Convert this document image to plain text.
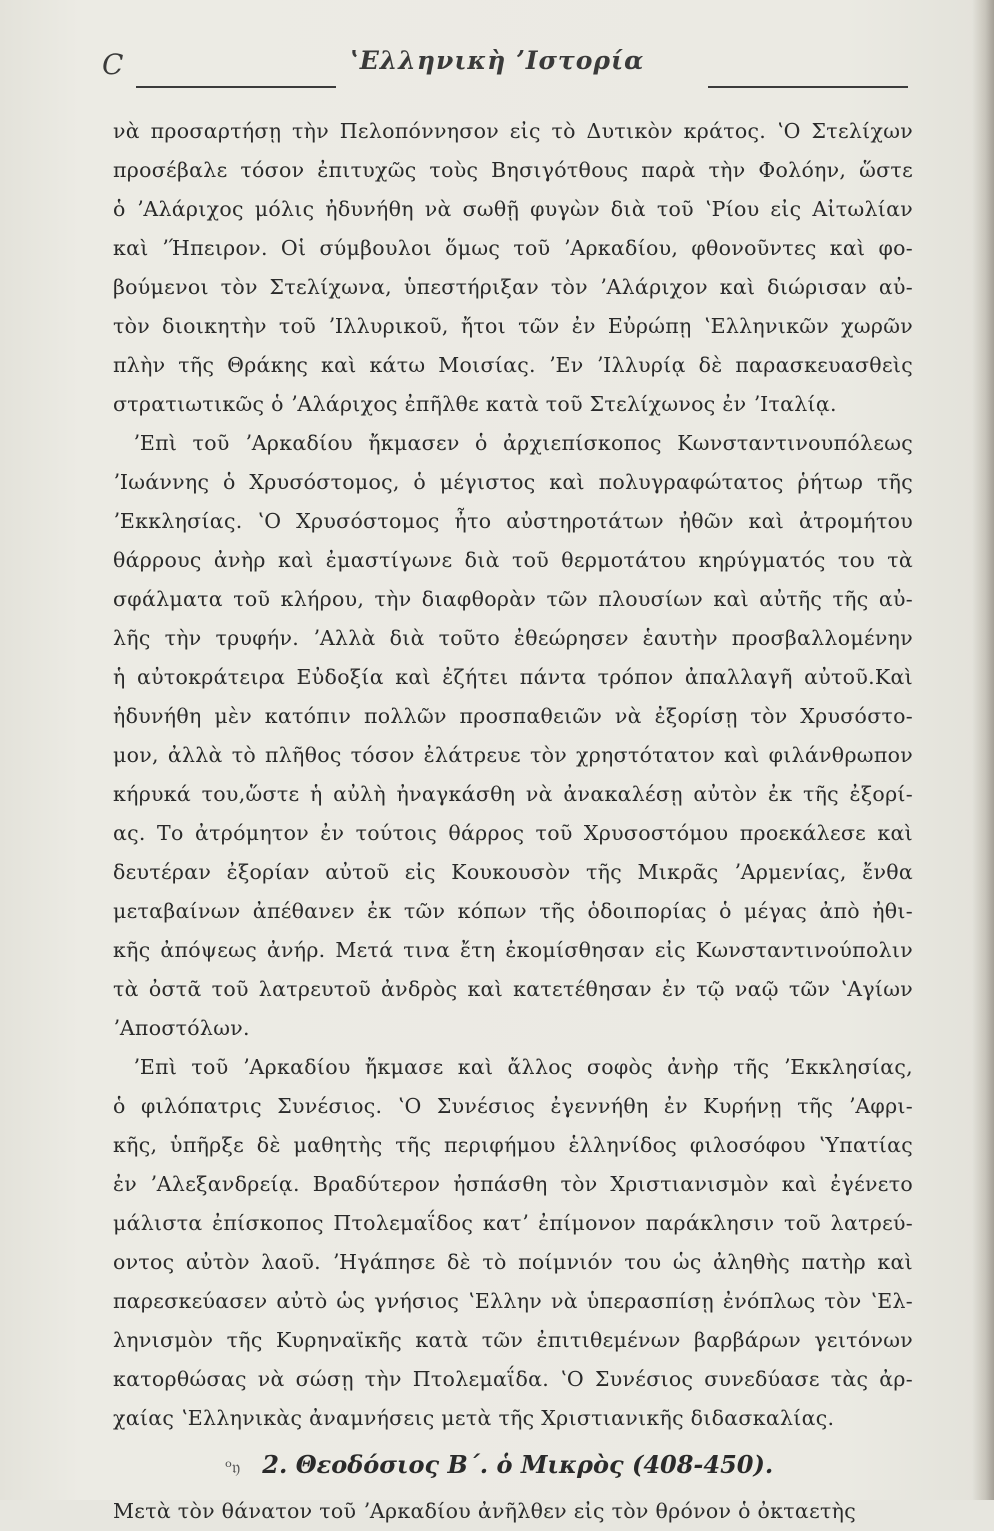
C	ʽΕλληνικὴ ʼΙστορία
νὰ προσαρτήσῃ τὴν Πελοπόννησον εἰς τὸ Δυτικὸν κράτος. ʽΟ Στελίχων
προσέβαλε τόσον ἐπιτυχῶς τοὺς Βησιγότθους παρὰ τὴν Φολόην, ὥστε
ὁ ʼΑλάριχος μόλις ἠδυνήθη νὰ σωθῇ φυγὼν διὰ τοῦ ʽΡίου εἰς Αἰτωλίαν
καὶ ʼΉπειρον. Οἱ σύμβουλοι ὅμως τοῦ ʼΑρκαδίου, φθονοῦντες καὶ φο-
βούμενοι τὸν Στελίχωνα, ὑπεστήριξαν τὸν ʼΑλάριχον καὶ διώρισαν αὐ-
τὸν διοικητὴν τοῦ ʼΙλλυρικοῦ, ἤτοι τῶν ἐν Εὐρώπῃ ʽΕλληνικῶν χωρῶν
πλὴν τῆς Θράκης καὶ κάτω Μοισίας. ʼΕν ʼΙλλυρίᾳ δὲ παρασκευασθεὶς
στρατιωτικῶς ὁ ʼΑλάριχος ἐπῆλθε κατὰ τοῦ Στελίχωνος ἐν ʼΙταλίᾳ.
ʼΕπὶ τοῦ ʼΑρκαδίου ἤκμασεν ὁ ἀρχιεπίσκοπος Κωνσταντινουπόλεως
ʼΙωάννης ὁ Χρυσόστομος, ὁ μέγιστος καὶ πολυγραφώτατος ῥήτωρ τῆς
ʼΕκκλησίας. ʽΟ Χρυσόστομος ἦτο αὐστηροτάτων ἠθῶν καὶ ἀτρομήτου
θάρρους ἀνὴρ καὶ ἐμαστίγωνε διὰ τοῦ θερμοτάτου κηρύγματός του τὰ
σφάλματα τοῦ κλήρου, τὴν διαφθορὰν τῶν πλουσίων καὶ αὐτῆς τῆς αὐ-
λῆς τὴν τρυφήν. ʼΑλλὰ διὰ τοῦτο ἐθεώρησεν ἑαυτὴν προσβαλλομένην
ἡ αὐτοκράτειρα Εὐδοξία καὶ ἐζήτει πάντα τρόπον ἀπαλλαγῆ αὐτοῦ.Καὶ
ἠδυνήθη μὲν κατόπιν πολλῶν προσπαθειῶν νὰ ἐξορίσῃ τὸν Χρυσόστο-
μον, ἀλλὰ τὸ πλῆθος τόσον ἐλάτρευε τὸν χρηστότατον καὶ φιλάνθρωπον
κήρυκά του,ὥστε ἡ αὐλὴ ἠναγκάσθη νὰ ἀνακαλέσῃ αὐτὸν ἐκ τῆς ἐξορί-
ας. Το ἀτρόμητον ἐν τούτοις θάρρος τοῦ Χρυσοστόμου προεκάλεσε καὶ
δευτέραν ἐξορίαν αὐτοῦ εἰς Κουκουσὸν τῆς Μικρᾶς ʼΑρμενίας, ἔνθα
μεταβαίνων ἀπέθανεν ἐκ τῶν κόπων τῆς ὁδοιπορίας ὁ μέγας ἀπὸ ἠθι-
κῆς ἀπόψεως ἀνήρ. Μετά τινα ἔτη ἐκομίσθησαν εἰς Κωνσταντινούπολιν
τὰ ὀστᾶ τοῦ λατρευτοῦ ἀνδρὸς καὶ κατετέθησαν ἐν τῷ ναῷ τῶν ʽΑγίων
ʼΑποστόλων.
ʼΕπὶ τοῦ ʼΑρκαδίου ἤκμασε καὶ ἄλλος σοφὸς ἀνὴρ τῆς ʼΕκκλησίας,
ὁ φιλόπατρις Συνέσιος. ʽΟ Συνέσιος ἐγεννήθη ἐν Κυρήνῃ τῆς ʼΑφρι-
κῆς, ὑπῆρξε δὲ μαθητὴς τῆς περιφήμου ἑλληνίδος φιλοσόφου ʽΥπατίας
ἐν ʼΑλεξανδρείᾳ. Βραδύτερον ἠσπάσθη τὸν Χριστιανισμὸν καὶ ἐγένετο
μάλιστα ἐπίσκοπος Πτολεμαΐδος κατʼ ἐπίμονον παράκλησιν τοῦ λατρεύ-
οντος αὐτὸν λαοῦ. ʼΗγάπησε δὲ τὸ ποίμνιόν του ὡς ἀληθὴς πατὴρ καὶ
παρεσκεύασεν αὐτὸ ὡς γνήσιος ʽΕλλην νὰ ὑπερασπίσῃ ἐνόπλως τὸν ʽΕλ-
ληνισμὸν τῆς Κυρηναϊκῆς κατὰ τῶν ἐπιτιθεμένων βαρβάρων γειτόνων
κατορθώσας νὰ σώσῃ τὴν Πτολεμαΐδα. ʽΟ Συνέσιος συνεδύασε τὰς ἀρ-
χαίας ʽΕλληνικὰς ἀναμνήσεις μετὰ τῆς Χριστιανικῆς διδασκαλίας.
ᵒ𝔶 2. Θεοδόσιος Β΄. ὁ Μικρὸς (408-450).
Μετὰ τὸν θάνατον τοῦ ʼΑρκαδίου ἀνῆλθεν εἰς τὸν θρόνον ὁ ὀκταετὴς
